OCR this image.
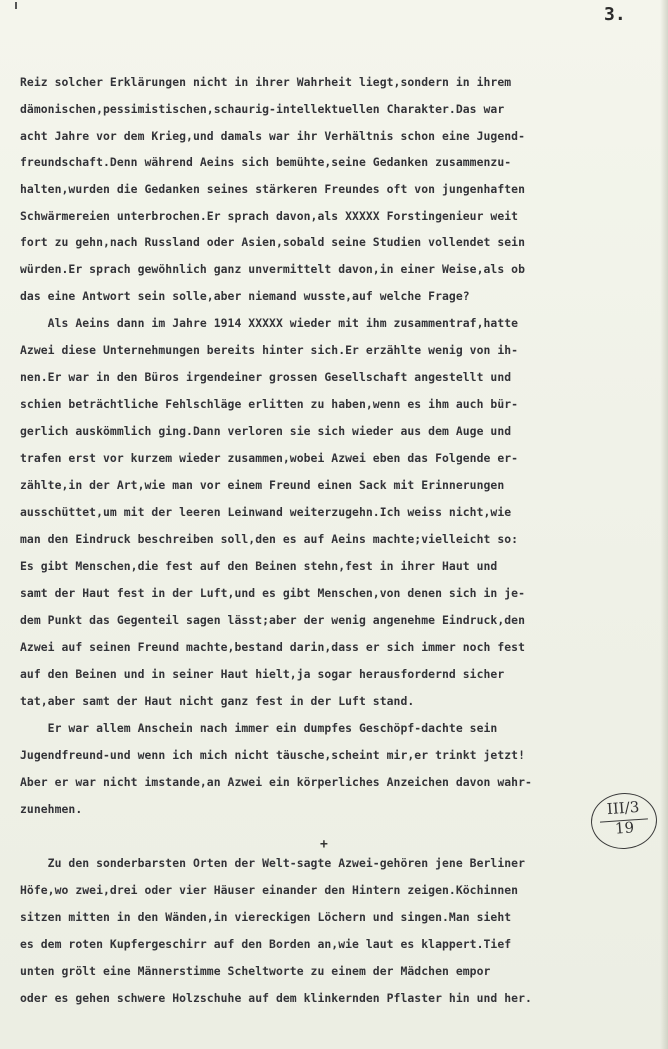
3.
Reiz solcher Erklärungen nicht in ihrer Wahrheit liegt,sondern in ihrem
dämonischen,pessimistischen,schaurig-intellektuellen Charakter.Das war
acht Jahre vor dem Krieg,und damals war ihr Verhältnis schon eine Jugend-
freundschaft.Denn während Aeins sich bemühte,seine Gedanken zusammenzu-
halten,wurden die Gedanken seines stärkeren Freundes oft von jungenhaften
Schwärmereien unterbrochen.Er sprach davon,als XXXXX Forstingenieur weit
fort zu gehn,nach Russland oder Asien,sobald seine Studien vollendet sein
würden.Er sprach gewöhnlich ganz unvermittelt davon,in einer Weise,als ob
das eine Antwort sein solle,aber niemand wusste,auf welche Frage?
Als Aeins dann im Jahre 1914 XXXXX wieder mit ihm zusammentraf,hatte
Azwei diese Unternehmungen bereits hinter sich.Er erzählte wenig von ih-
nen.Er war in den Büros irgendeiner grossen Gesellschaft angestellt und
schien beträchtliche Fehlschläge erlitten zu haben,wenn es ihm auch bür-
gerlich auskömmlich ging.Dann verloren sie sich wieder aus dem Auge und
trafen erst vor kurzem wieder zusammen,wobei Azwei eben das Folgende er-
zählte,in der Art,wie man vor einem Freund einen Sack mit Erinnerungen
ausschüttet,um mit der leeren Leinwand weiterzugehn.Ich weiss nicht,wie
man den Eindruck beschreiben soll,den es auf Aeins machte;vielleicht so:
Es gibt Menschen,die fest auf den Beinen stehn,fest in ihrer Haut und
samt der Haut fest in der Luft,und es gibt Menschen,von denen sich in je-
dem Punkt das Gegenteil sagen lässt;aber der wenig angenehme Eindruck,den
Azwei auf seinen Freund machte,bestand darin,dass er sich immer noch fest
auf den Beinen und in seiner Haut hielt,ja sogar herausfordernd sicher
tat,aber samt der Haut nicht ganz fest in der Luft stand.
Er war allem Anschein nach immer ein dumpfes Geschöpf-dachte sein
Jugendfreund-und wenn ich mich nicht täusche,scheint mir,er trinkt jetzt!
Aber er war nicht imstande,an Azwei ein körperliches Anzeichen davon wahr-
zunehmen.
Zu den sonderbarsten Orten der Welt-sagte Azwei-gehören jene Berliner
Höfe,wo zwei,drei oder vier Häuser einander den Hintern zeigen.Köchinnen
sitzen mitten in den Wänden,in viereckigen Löchern und singen.Man sieht
es dem roten Kupfergeschirr auf den Borden an,wie laut es klappert.Tief
unten grölt eine Männerstimme Scheltworte zu einem der Mädchen empor
oder es gehen schwere Holzschuhe auf dem klinkernden Pflaster hin und her.
+
III/3
19
